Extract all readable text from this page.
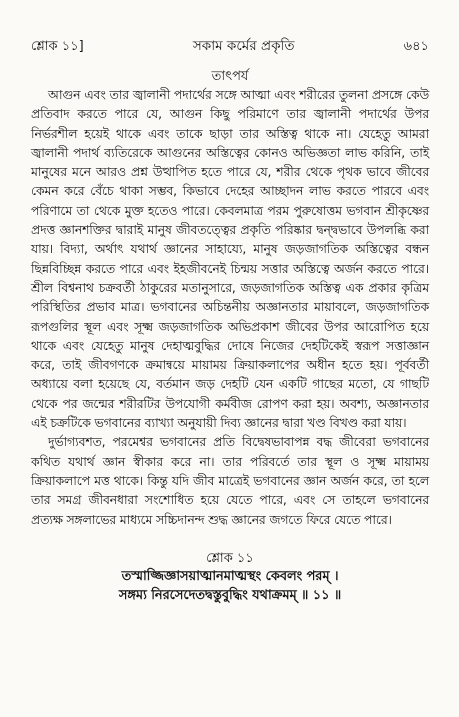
শ্লোক ১১]	সকাম কর্মের প্রকৃতি	৬৪১
তাৎপর্য

আগুন এবং তার জ্বালানী পদার্থের সঙ্গে আত্মা এবং শরীরের তুলনা প্রসঙ্গে কেউ প্রতিবাদ করতে পারে যে, আগুন কিছু পরিমাণে তার জ্বালানী পদার্থের উপর নির্ভরশীল হয়েই থাকে এবং তাকে ছাড়া তার অস্তিত্ব থাকে না। যেহেতু আমরা জ্বালানী পদার্থ ব্যতিরেকে আগুনের অস্তিত্বের কোনও অভিজ্ঞতা লাভ করিনি, তাই মানুষের মনে আরও প্রশ্ন উত্থাপিত হতে পারে যে, শরীর থেকে পৃথক ভাবে জীবের কেমন করে বেঁচে থাকা সম্ভব, কিভাবে দেহের আচ্ছাদন লাভ করতে পারবে এবং পরিণামে তা থেকে মুক্ত হতেও পারে। কেবলমাত্র পরম পুরুষোত্তম ভগবান শ্রীকৃষ্ণের প্রদত্ত জ্ঞানশক্তির দ্বারাই মানুষ জীবতত্ত্বের প্রকৃতি পরিষ্কার দ্বন্দ্বভাবে উপলব্ধি করা যায়। বিদ্যা, অর্থাৎ যথার্থ জ্ঞানের সাহায্যে, মানুষ জড়জাগতিক অস্তিত্বের বন্ধন ছিন্নবিচ্ছিন্ন করতে পারে এবং ইহজীবনেই চিন্ময় সত্তার অস্তিত্বে অর্জন করতে পারে। শ্রীল বিশ্বনাথ চক্রবর্তী ঠাকুরের মতানুসারে, জড়জাগতিক অস্তিত্ব এক প্রকার কৃত্রিম পরিস্থিতির প্রভাব মাত্র। ভগবানের অচিন্তনীয় অজ্ঞানতার মায়াবলে, জড়জাগতিক রূপগুলির স্থূল এবং সূক্ষ্ম জড়জাগতিক অভিপ্রকাশ জীবের উপর আরোপিত হয়ে থাকে এবং যেহেতু মানুষ দেহাত্মবুদ্ধির দোষে নিজের দেহটিকেই স্বরূপ সত্তাজ্ঞান করে, তাই জীবগণকে ক্রমান্বয়ে মায়াময় ক্রিয়াকলাপের অধীন হতে হয়। পূর্ববর্তী অধ্যায়ে বলা হয়েছে যে, বর্তমান জড় দেহটি যেন একটি গাছের মতো, যে গাছটি থেকে পর জন্মের শরীরটির উপযোগী কর্মবীজ রোপণ করা হয়। অবশ্য, অজ্ঞানতার এই চক্রটিকে ভগবানের ব্যাখ্যা অনুযায়ী দিব্য জ্ঞানের দ্বারা খণ্ড বিখণ্ড করা যায়।

দুর্ভাগ্যবশত, পরমেশ্বর ভগবানের প্রতি বিদ্বেষভাবাপন্ন বদ্ধ জীবেরা ভগবানের কথিত যথার্থ জ্ঞান স্বীকার করে না। তার পরিবর্তে তার স্থূল ও সূক্ষ্ম মায়াময় ক্রিয়াকলাপে মত্ত থাকে। কিন্তু যদি জীব মাত্রেই ভগবানের জ্ঞান অর্জন করে, তা হলে তার সমগ্র জীবনধারা সংশোধিত হয়ে যেতে পারে, এবং সে তাহলে ভগবানের প্রত্যক্ষ সঙ্গলাভের মাধ্যমে সচ্চিদানন্দ শুদ্ধ জ্ঞানের জগতে ফিরে যেতে পারে।

শ্লোক ১১
তস্মাজ্জিজ্ঞাসয়াত্মানমাত্মস্থং কেবলং পরম্ ।
সঙ্গম্য নিরসেদেতদ্বস্তুবুদ্ধিং যথাক্রমম্ ॥ ১১ ॥
